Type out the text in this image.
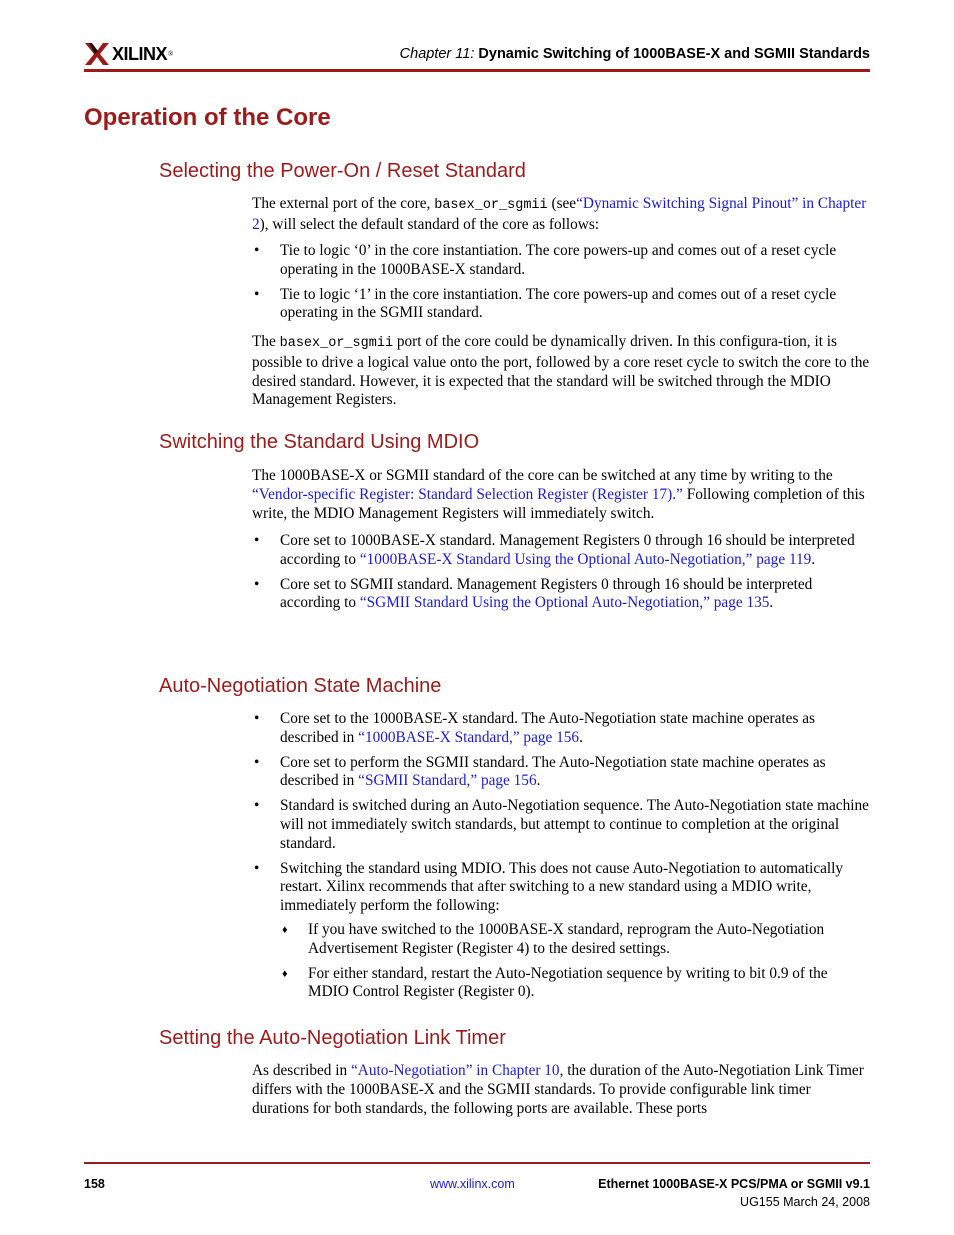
XILINX ®	Chapter 11: Dynamic Switching of 1000BASE-X and SGMII Standards
Operation of the Core
Selecting the Power-On / Reset Standard

The external port of the core, basex_or_sgmii (see“Dynamic Switching Signal Pinout” in Chapter 2), will select the default standard of the core as follows:

• Tie to logic ‘0’ in the core instantiation. The core powers-up and comes out of a reset cycle operating in the 1000BASE-X standard.
• Tie to logic ‘1’ in the core instantiation. The core powers-up and comes out of a reset cycle operating in the SGMII standard.

The basex_or_sgmii port of the core could be dynamically driven. In this configura-tion, it is possible to drive a logical value onto the port, followed by a core reset cycle to switch the core to the desired standard. However, it is expected that the standard will be switched through the MDIO Management Registers.

Switching the Standard Using MDIO

The 1000BASE-X or SGMII standard of the core can be switched at any time by writing to the “Vendor-specific Register: Standard Selection Register (Register 17).” Following completion of this write, the MDIO Management Registers will immediately switch.

• Core set to 1000BASE-X standard. Management Registers 0 through 16 should be interpreted according to “1000BASE-X Standard Using the Optional Auto-Negotiation,” page 119.
• Core set to SGMII standard. Management Registers 0 through 16 should be interpreted according to “SGMII Standard Using the Optional Auto-Negotiation,” page 135.
Auto-Negotiation State Machine
• Core set to the 1000BASE-X standard. The Auto-Negotiation state machine operates as described in “1000BASE-X Standard,” page 156.
• Core set to perform the SGMII standard. The Auto-Negotiation state machine operates as described in “SGMII Standard,” page 156.
• Standard is switched during an Auto-Negotiation sequence. The Auto-Negotiation state machine will not immediately switch standards, but attempt to continue to completion at the original standard.
• Switching the standard using MDIO. This does not cause Auto-Negotiation to automatically restart. Xilinx recommends that after switching to a new standard using a MDIO write, immediately perform the following:
♦ If you have switched to the 1000BASE-X standard, reprogram the Auto-Negotiation Advertisement Register (Register 4) to the desired settings.
♦ For either standard, restart the Auto-Negotiation sequence by writing to bit 0.9 of the MDIO Control Register (Register 0).
Setting the Auto-Negotiation Link Timer

As described in “Auto-Negotiation” in Chapter 10, the duration of the Auto-Negotiation Link Timer differs with the 1000BASE-X and the SGMII standards. To provide configurable link timer durations for both standards, the following ports are available. These ports

158	www.xilinx.com	Ethernet 1000BASE-X PCS/PMA or SGMII v9.1
UG155 March 24, 2008
